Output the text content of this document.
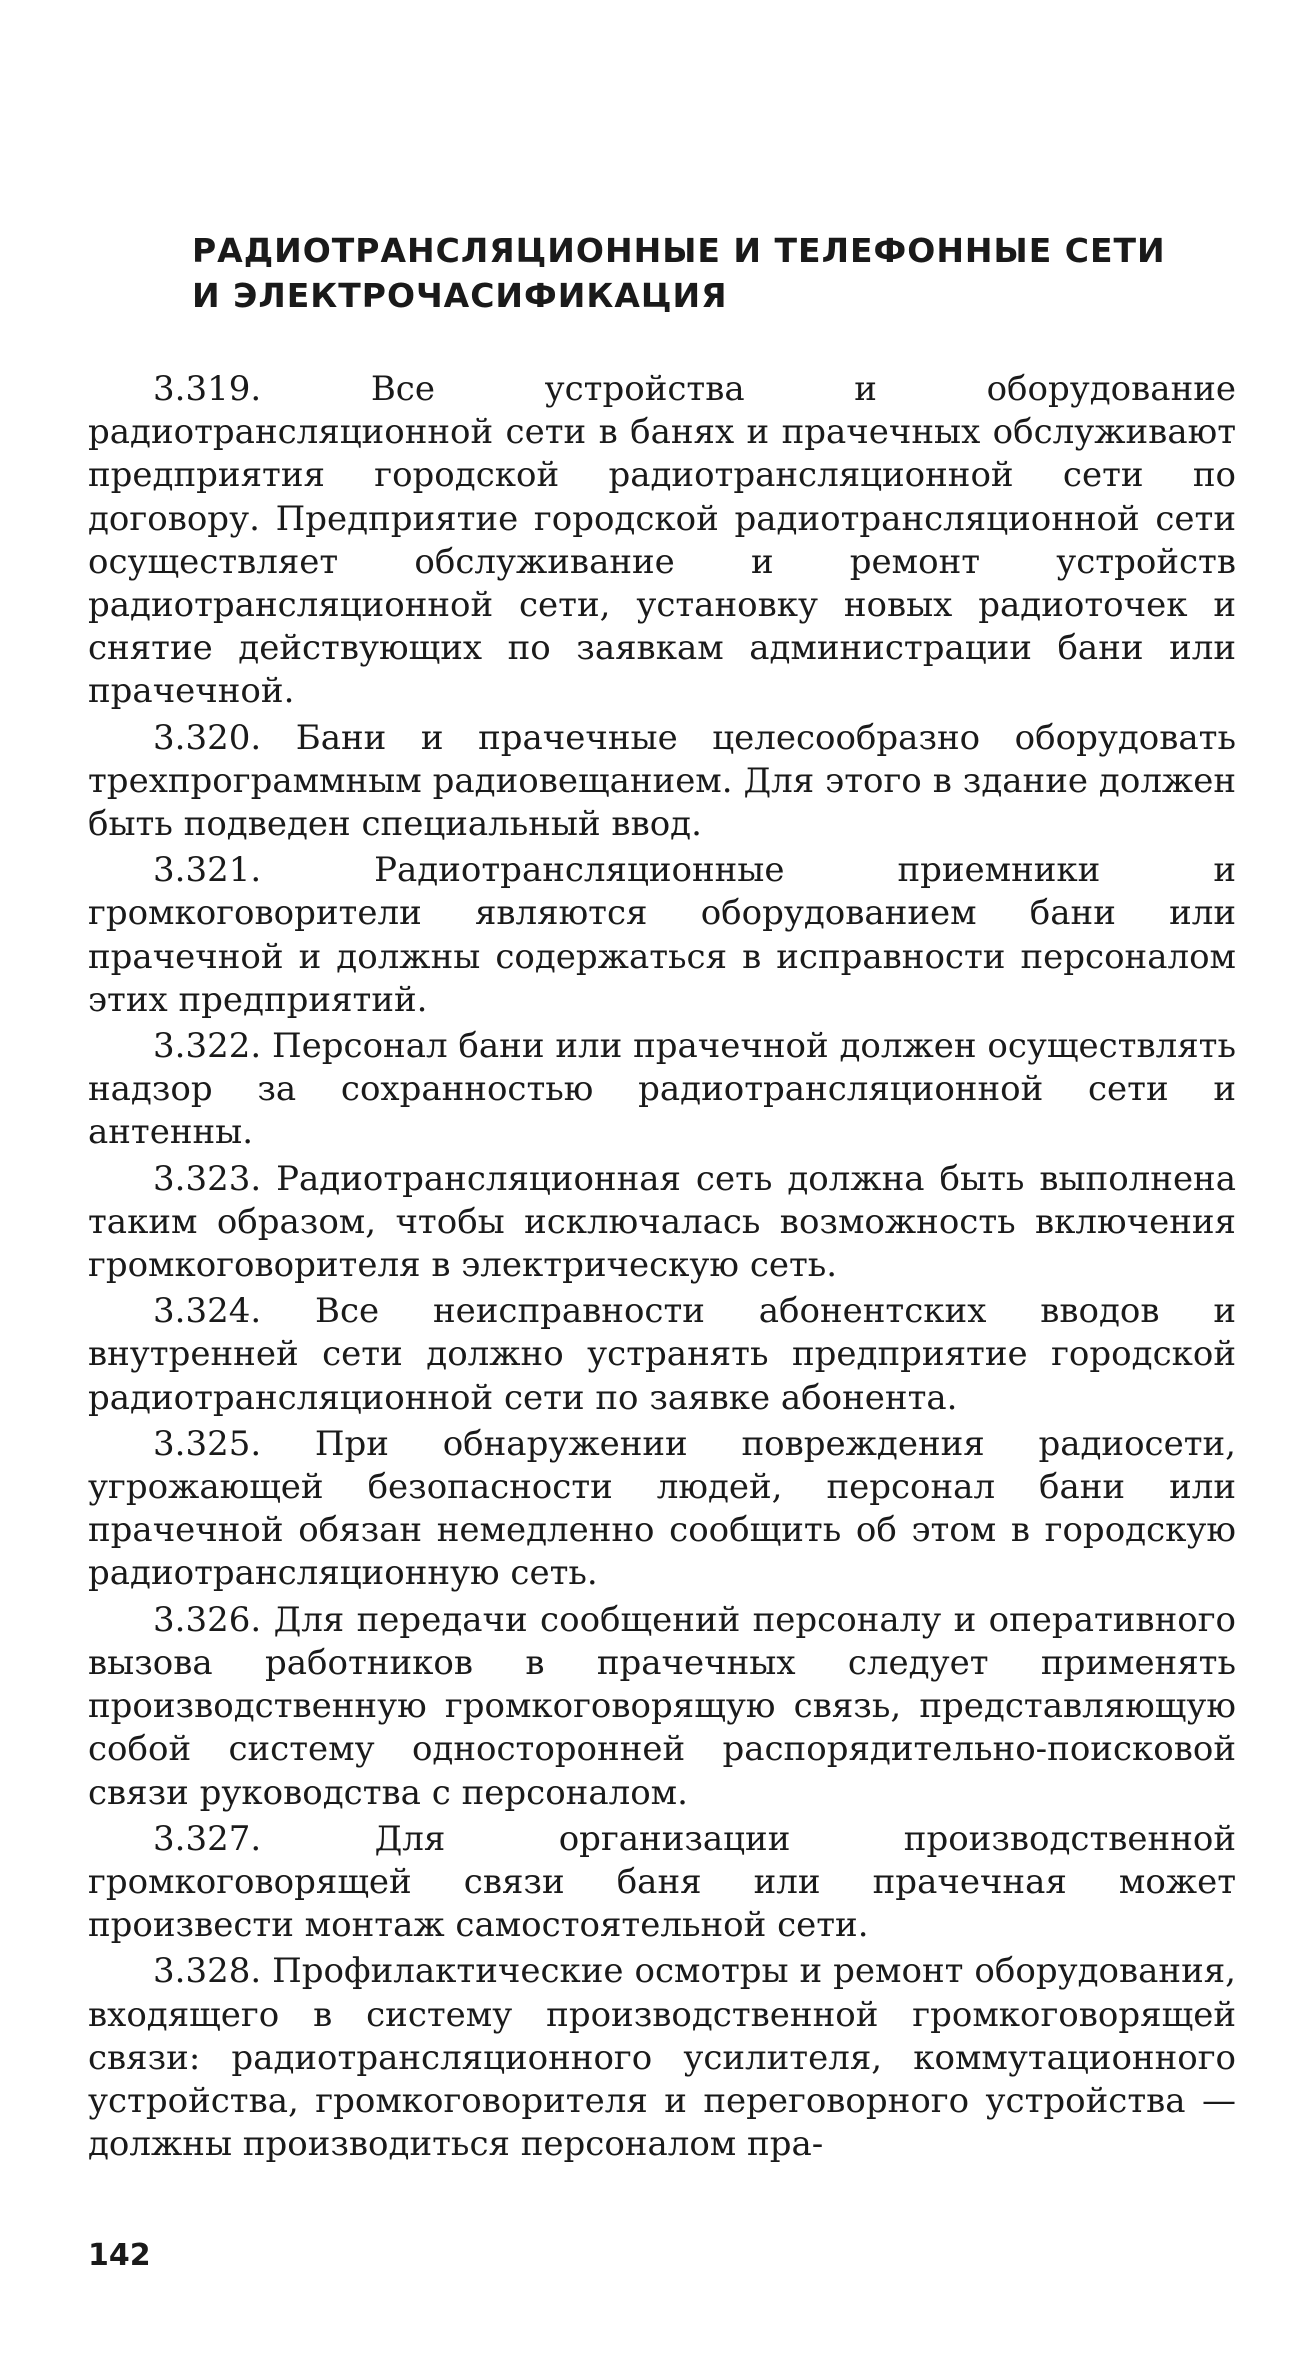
РАДИОТРАНСЛЯЦИОННЫЕ И ТЕЛЕФОННЫЕ СЕТИ
И ЭЛЕКТРОЧАСИФИКАЦИЯ

3.319.	Все устройства и оборудование радиотрансляционной сети в банях и прачечных обслуживают предприятия городской радиотрансляционной сети по договору. Предприятие городской радиотрансляционной сети осуществляет обслуживание и ремонт устройств радиотрансляционной сети, установку новых радиоточек и снятие действующих по заявкам администрации бани или прачечной.

3.320. Бани и прачечные целесообразно оборудовать трехпрограммным радиовещанием. Для этого в здание должен быть подведен специальный ввод.

3.321.	Радиотрансляционные приемники и громкоговорители являются оборудованием бани или прачечной и должны содержаться в исправности персоналом этих предприятий.

3.322. Персонал бани или прачечной должен осуществлять надзор за сохранностью радиотрансляционной сети и антенны.

3.323. Радиотрансляционная сеть должна быть выполнена таким образом, чтобы исключалась возможность включения громкоговорителя в электрическую сеть.

3.324. Все неисправности абонентских вводов и внутренней сети должно устранять предприятие городской радиотрансляционной сети по заявке абонента.

3.325. При обнаружении повреждения радиосети, угрожающей безопасности людей, персонал бани или прачечной обязан немедленно сообщить об этом в городскую радиотрансляционную сеть.

3.326. Для передачи сообщений персоналу и оперативного вызова работников в прачечных следует применять производственную громкоговорящую связь, представляющую собой систему односторонней распорядительно-поисковой связи руководства с персоналом.

3.327.	Для организации производственной громкоговорящей связи баня или прачечная может произвести монтаж самостоятельной сети.

3.328. Профилактические осмотры и ремонт оборудования, входящего в систему производственной громкоговорящей связи: радиотрансляционного усилителя, коммутационного устройства, громкоговорителя и переговорного устройства — должны производиться персоналом пра-

142
